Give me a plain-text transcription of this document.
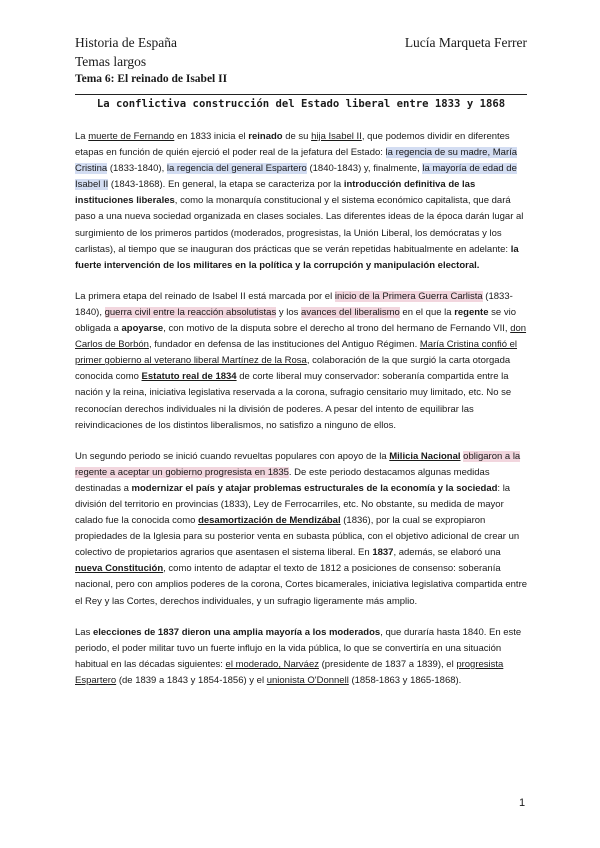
Historia de España	Lucía Marqueta Ferrer
Temas largos
Tema 6: El reinado de Isabel II
La conflictiva construcción del Estado liberal entre 1833 y 1868

La muerte de Fernando en 1833 inicia el reinado de su hija Isabel II, que podemos dividir en diferentes etapas en función de quién ejerció el poder real de la jefatura del Estado: la regencia de su madre, María Cristina (1833-1840), la regencia del general Espartero (1840-1843) y, finalmente, la mayoría de edad de Isabel II (1843-1868). En general, la etapa se caracteriza por la introducción definitiva de las instituciones liberales, como la monarquía constitucional y el sistema económico capitalista, que dará paso a una nueva sociedad organizada en clases sociales. Las diferentes ideas de la época darán lugar al surgimiento de los primeros partidos (moderados, progresistas, la Unión Liberal, los demócratas y los carlistas), al tiempo que se inauguran dos prácticas que se verán repetidas habitualmente en adelante: la fuerte intervención de los militares en la política y la corrupción y manipulación electoral.

La primera etapa del reinado de Isabel II está marcada por el inicio de la Primera Guerra Carlista (1833-1840), guerra civil entre la reacción absolutistas y los avances del liberalismo en el que la regente se vio obligada a apoyarse, con motivo de la disputa sobre el derecho al trono del hermano de Fernando VII, don Carlos de Borbón, fundador en defensa de las instituciones del Antiguo Régimen. María Cristina confió el primer gobierno al veterano liberal Martínez de la Rosa, colaboración de la que surgió la carta otorgada conocida como Estatuto real de 1834 de corte liberal muy conservador: soberanía compartida entre la nación y la reina, iniciativa legislativa reservada a la corona, sufragio censitario muy limitado, etc. No se reconocían derechos individuales ni la división de poderes. A pesar del intento de equilibrar las reivindicaciones de los distintos liberalismos, no satisfizo a ninguno de ellos.

Un segundo periodo se inició cuando revueltas populares con apoyo de la Milicia Nacional obligaron a la regente a aceptar un gobierno progresista en 1835. De este periodo destacamos algunas medidas destinadas a modernizar el país y atajar problemas estructurales de la economía y la sociedad: la división del territorio en provincias (1833), Ley de Ferrocarriles, etc. No obstante, su medida de mayor calado fue la conocida como desamortización de Mendizábal (1836), por la cual se expropiaron propiedades de la Iglesia para su posterior venta en subasta pública, con el objetivo adicional de crear un colectivo de propietarios agrarios que asentasen el sistema liberal. En 1837, además, se elaboró una nueva Constitución, como intento de adaptar el texto de 1812 a posiciones de consenso: soberanía nacional, pero con amplios poderes de la corona, Cortes bicamerales, iniciativa legislativa compartida entre el Rey y las Cortes, derechos individuales, y un sufragio ligeramente más amplio.

Las elecciones de 1837 dieron una amplia mayoría a los moderados, que duraría hasta 1840. En este periodo, el poder militar tuvo un fuerte influjo en la vida pública, lo que se convertiría en una situación habitual en las décadas siguientes: el moderado, Narváez (presidente de 1837 a 1839), el progresista Espartero (de 1839 a 1843 y 1854-1856) y el unionista O'Donnell (1858-1863 y 1865-1868).

1
